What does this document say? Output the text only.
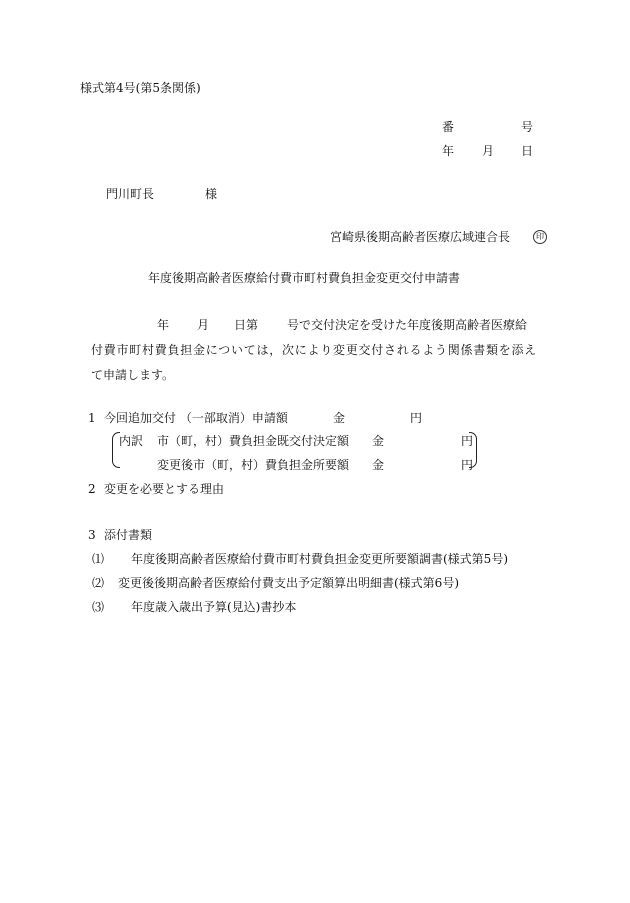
様式第4号(第5条関係)
番	号
年 月 日
門川町長	様
宮崎県後期高齢者医療広域連合長	印
年度後期高齢者医療給付費市町村費負担金変更交付申請書
年 月 日第 号で交付決定を受けた年度後期高齢者医療給
付費市町村費負担金については，次により変更交付されるよう関係書類を添え
て申請します。
1 今回追加交付 （一部取消）申請額	金	円
内訳 市（町，村）費負担金既交付決定額 金	円
変更後市（町，村）費負担金所要額 金	円
2 変更を必要とする理由
3 添付書類
⑴ 年度後期高齢者医療給付費市町村費負担金変更所要額調書(様式第5号)
⑵ 変更後後期高齢者医療給付費支出予定額算出明細書(様式第6号)
⑶ 年度歳入歳出予算(見込)書抄本
